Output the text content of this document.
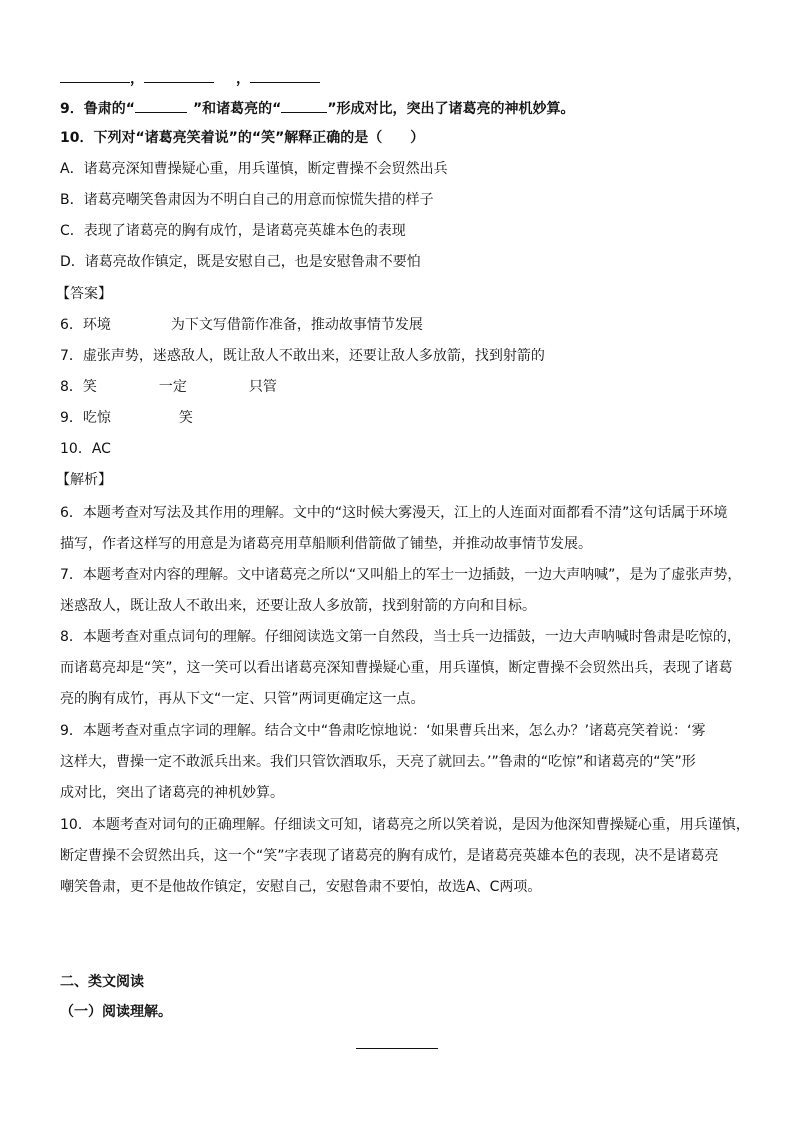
，	，
9．鲁肃的“	”和诸葛亮的“	”形成对比，突出了诸葛亮的神机妙算。
10．下列对“诸葛亮笑着说”的“笑”解释正确的是（　　）
A．诸葛亮深知曹操疑心重，用兵谨慎，断定曹操不会贸然出兵
B．诸葛亮嘲笑鲁肃因为不明白自己的用意而惊慌失措的样子
C．表现了诸葛亮的胸有成竹，是诸葛亮英雄本色的表现
D．诸葛亮故作镇定，既是安慰自己，也是安慰鲁肃不要怕
【答案】
6．环境	为下文写借箭作准备，推动故事情节发展
7．虚张声势，迷惑敌人，既让敌人不敢出来，还要让敌人多放箭，找到射箭的
8．笑	一定	只管
9．吃惊	笑
10．AC
【解析】
6．本题考查对写法及其作用的理解。文中的“这时候大雾漫天，江上的人连面对面都看不清”这句话属于环境
描写，作者这样写的用意是为诸葛亮用草船顺利借箭做了铺垫，并推动故事情节发展。
7．本题考查对内容的理解。文中诸葛亮之所以“又叫船上的军士一边插鼓，一边大声呐喊”，是为了虚张声势，
迷惑敌人，既让敌人不敢出来，还要让敌人多放箭，找到射箭的方向和目标。
8．本题考查对重点词句的理解。仔细阅读选文第一自然段，当士兵一边擂鼓，一边大声呐喊时鲁肃是吃惊的，
而诸葛亮却是“笑”，这一笑可以看出诸葛亮深知曹操疑心重，用兵谨慎，断定曹操不会贸然出兵，表现了诸葛
亮的胸有成竹，再从下文“一定、只管”两词更确定这一点。
9．本题考查对重点字词的理解。结合文中“鲁肃吃惊地说：‘如果曹兵出来，怎么办？’诸葛亮笑着说：‘雾
这样大，曹操一定不敢派兵出来。我们只管饮酒取乐，天亮了就回去。’”鲁肃的“吃惊”和诸葛亮的“笑”形
成对比，突出了诸葛亮的神机妙算。
10．本题考查对词句的正确理解。仔细读文可知，诸葛亮之所以笑着说，是因为他深知曹操疑心重，用兵谨慎，
断定曹操不会贸然出兵，这一个“笑”字表现了诸葛亮的胸有成竹，是诸葛亮英雄本色的表现，决不是诸葛亮
嘲笑鲁肃，更不是他故作镇定，安慰自己，安慰鲁肃不要怕，故选A、C两项。
二、类文阅读
（一）阅读理解。
